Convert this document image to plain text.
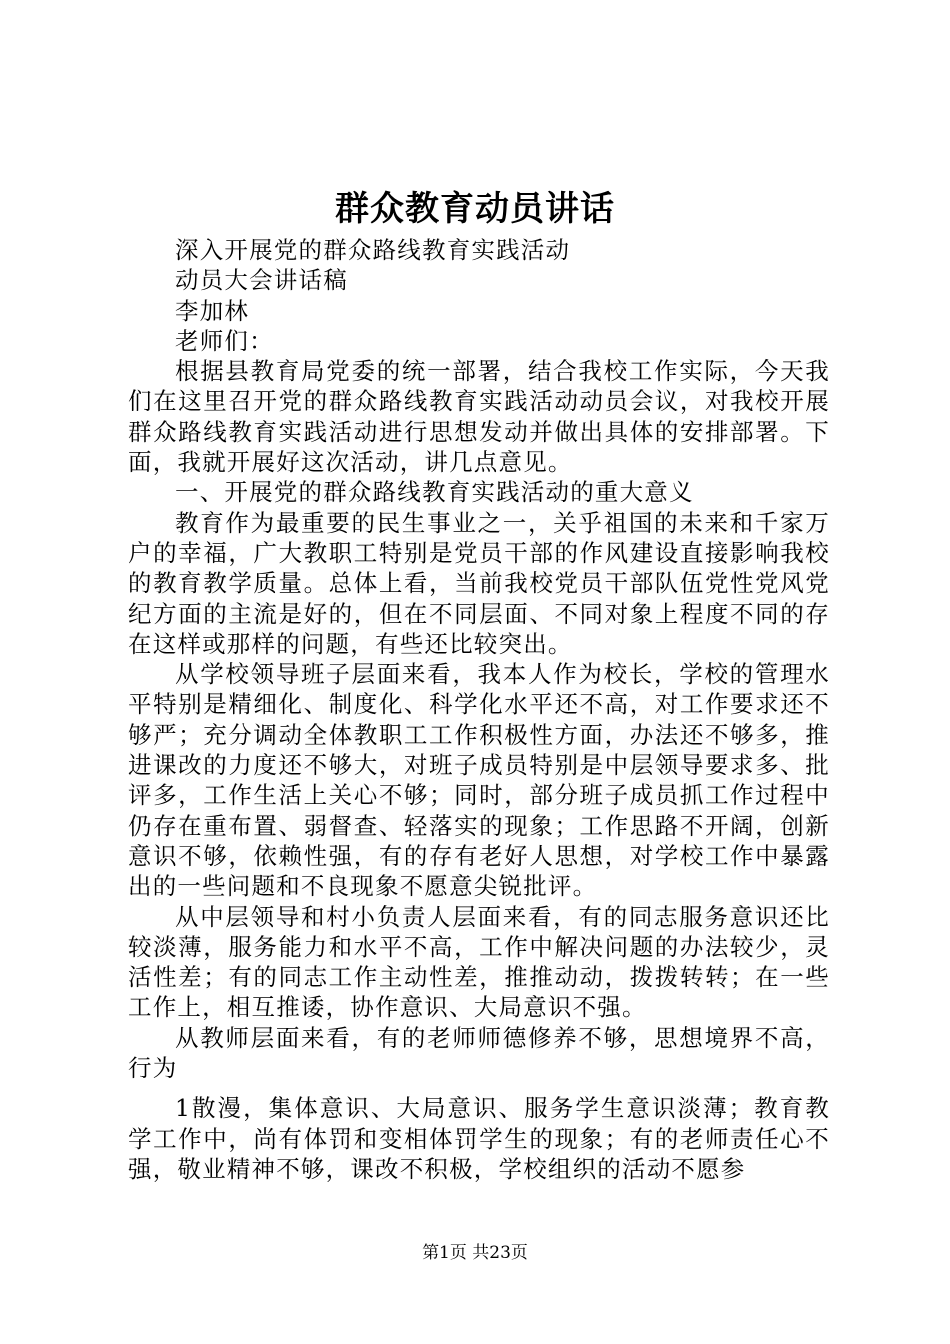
群众教育动员讲话

深入开展党的群众路线教育实践活动

动员大会讲话稿

李加林

老师们：

根据县教育局党委的统一部署，结合我校工作实际，今天我们在这里召开党的群众路线教育实践活动动员会议，对我校开展群众路线教育实践活动进行思想发动并做出具体的安排部署。下面，我就开展好这次活动，讲几点意见。

一、开展党的群众路线教育实践活动的重大意义

教育作为最重要的民生事业之一，关乎祖国的未来和千家万户的幸福，广大教职工特别是党员干部的作风建设直接影响我校的教育教学质量。总体上看，当前我校党员干部队伍党性党风党纪方面的主流是好的，但在不同层面、不同对象上程度不同的存在这样或那样的问题，有些还比较突出。

从学校领导班子层面来看，我本人作为校长，学校的管理水平特别是精细化、制度化、科学化水平还不高，对工作要求还不够严；充分调动全体教职工工作积极性方面，办法还不够多，推进课改的力度还不够大，对班子成员特别是中层领导要求多、批评多，工作生活上关心不够；同时，部分班子成员抓工作过程中仍存在重布置、弱督查、轻落实的现象；工作思路不开阔，创新意识不够，依赖性强，有的存有老好人思想，对学校工作中暴露出的一些问题和不良现象不愿意尖锐批评。

从中层领导和村小负责人层面来看，有的同志服务意识还比较淡薄，服务能力和水平不高，工作中解决问题的办法较少，灵活性差；有的同志工作主动性差，推推动动，拨拨转转；在一些工作上，相互推诿，协作意识、大局意识不强。

从教师层面来看，有的老师师德修养不够，思想境界不高，行为

1散漫，集体意识、大局意识、服务学生意识淡薄；教育教学工作中，尚有体罚和变相体罚学生的现象；有的老师责任心不强，敬业精神不够，课改不积极，学校组织的活动不愿参

第1页 共23页
